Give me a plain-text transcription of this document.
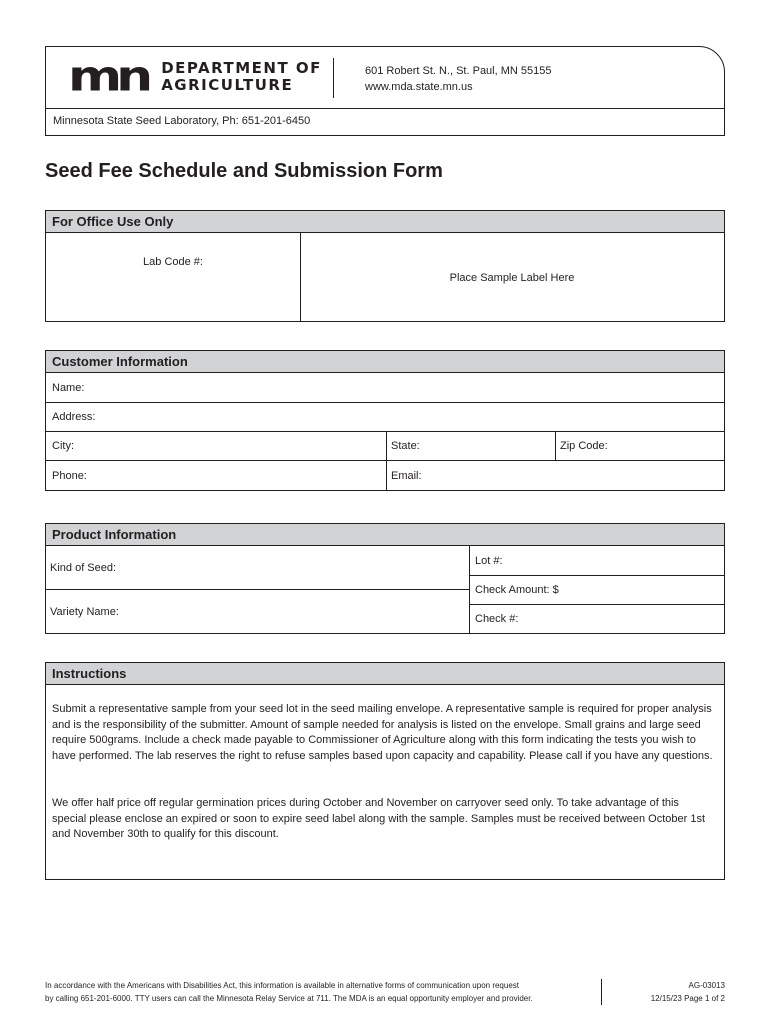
mn DEPARTMENT OF
AGRICULTURE
601 Robert St. N., St. Paul, MN 55155
www.mda.state.mn.us
Minnesota State Seed Laboratory, Ph: 651-201-6450
Seed Fee Schedule and Submission Form
For Office Use Only
Lab Code #:
Place Sample Label Here
Customer Information
Name:
Address:
City:	State:	Zip Code:
Phone:	Email:
Product Information
Kind of Seed:
Variety Name:
Lot #:
Check Amount: $
Check #:
Instructions
Submit a representative sample from your seed lot in the seed mailing envelope. A representative sample is required for proper analysis and is the responsibility of the submitter. Amount of sample needed for analysis is listed on the envelope. Small grains and large seed require 500grams. Include a check made payable to Commissioner of Agriculture along with this form indicating the tests you wish to have performed. The lab reserves the right to refuse samples based upon capacity and capability. Please call if you have any questions.
We offer half price off regular germination prices during October and November on carryover seed only. To take advantage of this special please enclose an expired or soon to expire seed label along with the sample. Samples must be received between October 1st and November 30th to qualify for this discount.
In accordance with the Americans with Disabilities Act, this information is available in alternative forms of communication upon request
by calling 651-201-6000. TTY users can call the Minnesota Relay Service at 711. The MDA is an equal opportunity employer and provider.
AG-03013
12/15/23 Page 1 of 2
